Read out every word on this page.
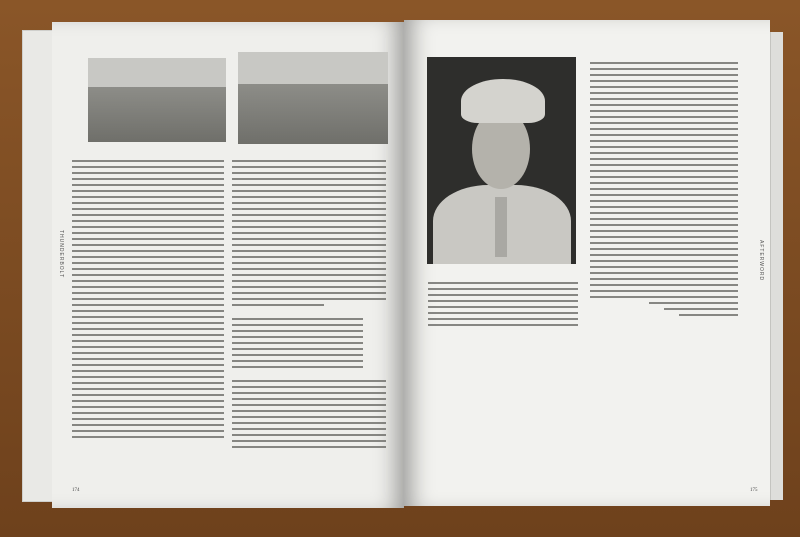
THUNDERBOLT
174
AFTERWORD
175
